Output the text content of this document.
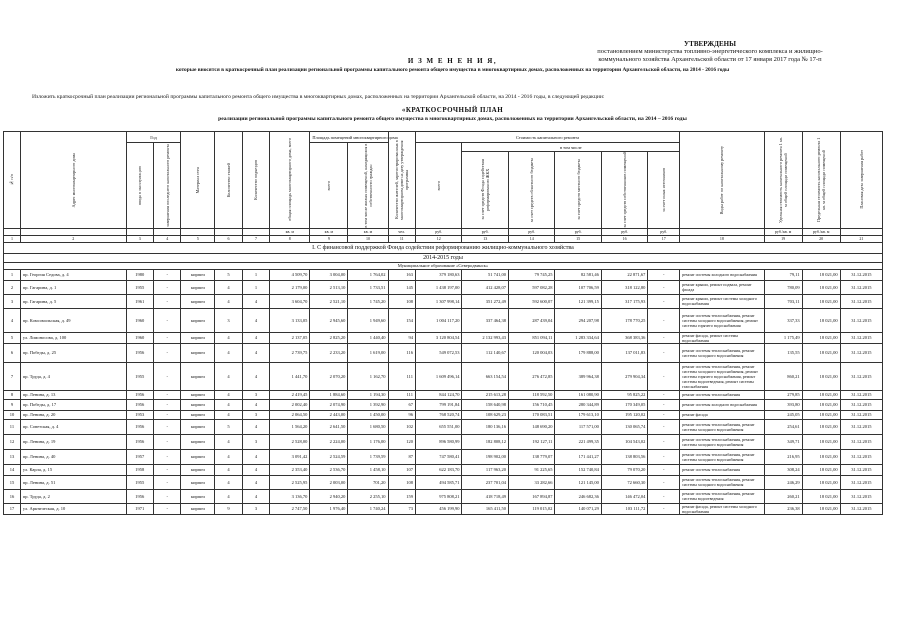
УТВЕРЖДЕНЫ
постановлением министерства топливно-энергетического комплекса и жилищно-
коммунального хозяйства Архангельской области от 17 января 2017 года № 17-п
И З М Е Н Е Н И Я,
которые вносятся в краткосрочный план реализации региональной программы капитального ремонта общего имущества в многоквартирных домах, расположенных на территории Архангельской области, на 2014 - 2016 годы
Изложить краткосрочный план реализации региональной программы капитального ремонта общего имущества в многоквартирных домах, расположенных на территории Архангельской области, на 2014 - 2016 годы, в следующей редакции:
«КРАТКОСРОЧНЫЙ ПЛАН
реализации региональной программы капитального ремонта общего имущества в многоквартирных домах, расположенных на территории Архангельской области, на 2014 – 2016 годы
№ п/п	Адрес многоквартирного дома	Год		Материал стен	Количество этажей	Количество подъездов	общая площадь многоквартирного дома, всего	Площадь помещений многоквартирного дома		Количество жителей, зарегистрированных в многоквартирном доме на дату утверждения программы	Стоимость капитального ремонта						Виды работ по капитальному ремонту	Удельная стоимость капитального ремонта 1 кв. м общей площади помещений	Предельная стоимость капитального ремонта 1 кв. м общей площади помещений	Плановая дата завершения работ

		ввода в эксплуатацию	завершения последнего капитального ремонта					всего	в том числе жилых помещений, находящихся в собственности граждан		всего	в том числе								

												за счет средств Фонда содействия реформированию ЖКХ	за счет средств областного бюджета	за счет средств местного бюджета	за счет средств собственников помещений	за счет иных источников				

							кв. м	кв. м	кв. м	чел.	руб.	руб.	руб.	руб.	руб.	руб.		руб./кв. м	руб./кв. м	
1	2	3	4	5	6	7	8	9	10	11	12	13	14	15	16	17	18	19	20	21
I. С финансовой поддержкой Фонда содействия реформированию жилищно-коммунального хозяйства																				
2014-2015 годы																				
Муниципальное образование «Северодвинск»																				
1	пр. Георгия Седова, д. 4	1980	-	кирпич	5	1	4 509,70	3 004,00	1 764,02	163	379 180,63	51 741,00	79 745,25	82 581,46	22 871,67	-	ремонт системы холодного водоснабжения	79,11	18 021,00	31.12.2015
2	пр. Гагарина, д. 1	1955	-	кирпич	4	1	2 179,00	2 513,10	1 733,51	145	1 438 197,00	412 428,07	597 082,28	107 706,59	318 122,80	-	ремонт крыши, ремонт подвала, ремонт фасада	780,09	18 021,00	31.12.2015
3	пр. Гагарина, д. 5	1961	-	кирпич	4	4	3 604,70	2 521,10	1 745,20	108	1 307 998,14	351 272,49	592 600,07	121 399,15	317 175,93	-	ремонт крыши, ремонт системы холодного водоснабжения	703,11	18 021,00	31.12.2015
4	пр. Комсомольская, д. 49	1960	-	кирпич	3	4	3 133,05	2 945,60	1 949,60	154	1 004 117,20	337 464,38	287 439,04	294 207,98	178 770,25	-	ремонт системы теплоснабжения, ремонт системы холодного водоснабжения, ремонт системы горячего водоснабжения	337,33	18 021,00	31.12.2015
5	ул. Ломоносова, д. 100	1960	-	кирпич	4	4	2 137,05	2 825,20	1 440,40	94	3 120 804,54	2 132 993,43	851 094,11	1 283 334,64	368 383,36	-	ремонт фасада, ремонт системы водоснабжения	1 175,49	18 021,00	31.12.2015
6	пр. Победы, д. 25	1956	-	кирпич	4	4	2 739,75	2 233,20	1 619,00	116	549 072,53	112 140,67	120 004,03	179 888,00	137 011,83	-	ремонт системы теплоснабжения, ремонт системы холодного водоснабжения	135,55	18 021,00	31.12.2015
7	пр. Труда, д. 4	1955	-	кирпич	4	4	1 441,70	2 070,20	1 162,70	111	1 609 496,14	663 154,54	276 472,85	389 964,38	279 904,34	-	ремонт системы теплоснабжения, ремонт системы холодного водоснабжения, ремонт системы горячего водоснабжения, ремонт системы водоотведения, ремонт системы газоснабжения	860,21	18 021,00	31.12.2015
8	пр. Ленина, д. 13	1956	-	кирпич	4	3	2 419,45	1 884,60	1 194,30	111	844 124,70	215 613,28	118 592,50	161 080,90	95 825,22	-	ремонт системы теплоснабжения	279,85	18 021,00	31.12.2015
9	пр. Победы, д. 17	1956	-	кирпич	4	4	2 002,40	2 074,90	1 392,90	67	799 191,84	158 640,98	156 710,45	280 344,89	170 349,05	-	ремонт системы холодного водоснабжения	393,80	18 021,00	31.12.2015
10	пр. Ленина, д. 20	1953	-	кирпич	4	3	2 064,50	2 443,00	1 450,00	96	768 520,74	108 629,23	170 083,51	179 613,10	195 120,02	-	ремонт фасада	245,05	18 021,00	31.12.2015
11	пр. Советская, д. 4	1956	-	кирпич	5	4	1 564,20	2 641,50	1 680,50	102	655 551,00	180 136,16	148 690,20	117 571,00	130 065,74	-	ремонт системы теплоснабжения, ремонт системы холодного водоснабжения	254,61	18 021,00	31.12.2015
12	пр. Ленина, д. 19	1956	-	кирпич	4	3	2 528,00	2 224,00	1 176,00	120	896 580,99	182 808,12	192 127,11	221 499,35	104 543,02	-	ремонт системы теплоснабжения, ремонт системы холодного водоснабжения	349,71	18 021,00	31.12.2015
13	пр. Ленина, д. 40	1957	-	кирпич	4	4	3 091,42	2 524,59	1 739,59	87	747 580,41	198 902,00	138 779,07	171 441,27	138 803,56	-	ремонт системы теплоснабжения, ремонт системы холодного водоснабжения	216,95	18 021,00	31.12.2015
14	ул. Карла, д. 15	1958	-	кирпич	4	4	2 353,40	2 536,70	1 458,10	107	622 183,70	117 963,20	91 225,65	152 740,84	79 070,20	-	ремонт системы теплоснабжения	308,24	18 021,00	31.12.2015
15	пр. Ленина, д. 51	1955	-	кирпич	4	4	2 525,95	2 003,00	701,20	108	494 585,71	237 701,04	33 282,66	121 145,00	72 660,30	-	ремонт системы теплоснабжения, ремонт системы холодного водоснабжения	246,29	18 021,00	31.12.2015
16	пр. Труда, д. 2	1956	-	кирпич	4	4	3 136,70	2 940,20	2 255,10	159	975 808,21	418 718,49	167 894,87	246 682,36	146 472,04	-	ремонт системы теплоснабжения, ремонт системы водоотведения	260,21	18 021,00	31.12.2015
17	ул. Арктическая, д. 10	1971	-	кирпич	9	3	2 747,50	1 976,40	1 740,24	73	456 199,90	165 411,50	119 015,02	140 071,29	103 111,72	-	ремонт фасада, ремонт системы холодного водоснабжения	236,38	18 021,00	31.12.2015
